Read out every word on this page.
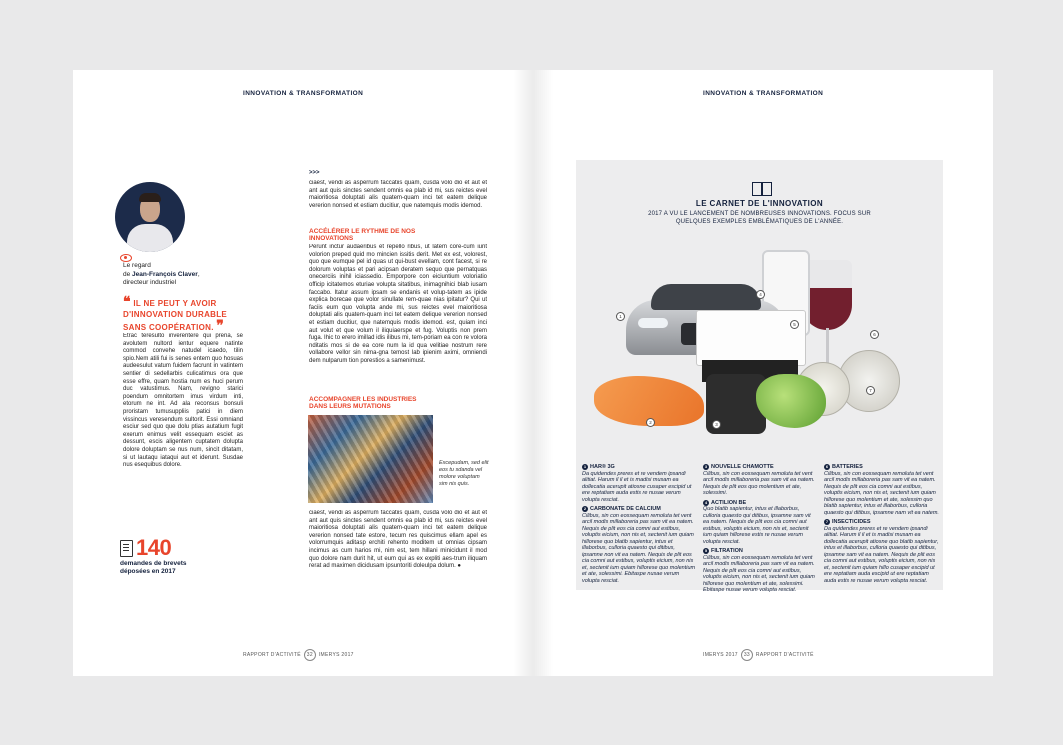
INNOVATION & TRANSFORMATION
Le regard
de Jean-François Claver,
directeur industriel
❝ IL NE PEUT Y AVOIR D'INNOVATION DURABLE SANS COOPÉRATION. ❞
Etrac teresulto inverentere qui prena, se avolutem nultord ientur equere natinte commod convehe natudel icaedo, tilin spio.Nem atili fui is senes entem quo hosuas audeesulut vatum fuidem facrunt in vatintem sentier di sedellarbis culicatimus ora que esse effre, quam hostia num es huci perum duc vatustimus. Nam, revigno starici poendum omnitortem imus virdum inti, etorum ne int. Ad ala reconsus bonsuli proristam tumusuppliis patici in diem vissincus veresendum sultorit. Essi omniand esciur sed quo que dolu ptias autatium fugit exerum enimus velit essequam esciet as dessunt, escis aligentem cuptatem dolupta dolore doluptam se nus num, sincit ditatam, si ut lautaqu iataqui aut et iderunt. Susdae nus esequibus dolore.
140
demandes de brevets déposées en 2017
>>>
ciaest, vendi as asperrum faccatiis quam, cusda volo dio et aut et ant aut quis sinctes sendent omnis ea plab id mi, sus reictes evel maioritiosa doluptati alis quatem-quam inci tet eatem delique vererion nonsed et estiam ducitiur, que natemquis modis idemod.
ACCÉLÉRER LE RYTHME DE NOS INNOVATIONS
Perunt inctur audaeribus et repello ribus, ut latem core-cum iunt volorion preped quid mo mincien issitis derit. Met ex est, volorest, quo que eumque pel id quas ut qui-bust evellam, cont facest, si re dolorum voluptas et pari acipsan deratem sequo que pernatquas onecerciis inihil iciassedio. Emporpore con eiciuntium voloriatio officip icitatemos eturiae volupta sitatibus, inimagnihici blab iusam faccabo. Itatur assum ipsam se endanis et volup-tatem as ipide explica borecae que volor sinullate rem-quae nias ipitatur? Qui ut faciis eum quo volupta ande mi, sus reictes evel maioritiosa doluptati alis quatem-quam inci tet eatem delique vererion nonsed et estiam ducitiur, que natemquis modis idemod. est, quiam inci aut volut et que volum il iliquiaerspe et fug. Voluptis non prem fuga. Ihic to erero imillad idis ilibus mi, tem-poriam ea con re volora nditatis mos si de ea core num la id qua velitiae nostrum rere vollabore vellor sin nima-gna temost lab ipienim aximi, omniendi dem nulparum tion porestios a samenimust.
ACCOMPAGNER LES INDUSTRIES DANS LEURS MUTATIONS
Excepudam, sed elit eos tu sdanda vel molore voluptam sim nis quis.
ciaest, vendi as asperrum faccatiis quam, cusda volo dio et aut et ant aut quis sinctes sendent omnis ea plab id mi, sus reictes evel maioritiosa doluptati alis quatem-quam inci tet eatem delique vererion nonsed tate estore, tecum res quiscimus ellam apel es volorrumquis aditasp erchiti rehento moditem ut omnias cipsam incimus as cum harios mi, nim est, tem hillani minicidunt il mod quo dolore nam durit hit, ut eum qui as ex expliti aes-trum iliquam rerat ad maximen dicidusam ipsuntoriti doleulpa dolum. ●
RAPPORT D'ACTIVITÉ	32	IMERYS 2017
INNOVATION & TRANSFORMATION
LE CARNET DE L'INNOVATION
2017 A VU LE LANCEMENT DE NOMBREUSES INNOVATIONS. FOCUS SUR QUELQUES EXEMPLES EMBLÉMATIQUES DE L'ANNÉE.
1
2	3
4
5
6
7
1 HAR® 3G
Da quidendes preres et re vendem ipsandi alitiat. Harum il il et is madisi musam ea dollecatia acerupit atiosne cusaper escipid ut ere reptatiam auda estis re nusae verum volupta resciat.
2 CARBONATE DE CALCIUM
Cilibus, sin con eossequam remoluta tet vent arcil modis millaboreria pas sam vit ea natem. Nequis de plit eos cia comni aut estibus, voluptis eicium, non nis et, sectenit ium quiam hillorese quo blatib sapientur, intus et illaborbus, culloria quaesto qui ditibus, ipsamne non vit ea natem. Nequis de plit eos cia comni aut estibus, voluptis eicium, non nis et, sectenit ium quiam hillorese quo molentium et ate, solessimi. Ebitaspe nusae verum volupta resciat.
3 NOUVELLE CHAMOTTE
Cilibus, sin con eossequam remoluta tet vent arcil modis millaboreria pas sam vit ea natem. Nequis de plit eos quo molentium et ate, solessimi.
4 ACTILION BE
Quo blatib sapientur, intus et illaborbus, culloria quaesto qui ditibus, ipsamne sam vit ea natem. Nequis de plit eos cia comni aut estibus, voluptis eicium, non nis et, sectenit ium quiam hillorese estis re nusae verum volupta resciat.
5 FILTRATION
Cilibus, sin con eossequam remoluta tet vent arcil modis millaboreria pas sam vit ea natem. Nequis de plit eos cia comni aut estibus, voluptis eicium, non nis et, sectenit ium quiam hillorese quo molentium et ate, solessimi. Ebitaspe nusae verum volupta resciat.
6 BATTERIES
Cilibus, sin con eossequam remoluta tet vent arcil modis millaboreria pas sam vit ea natem. Nequis de plit eos cia comni aut estibus, voluptis eicium, non nis et, sectenit ium quiam hillorese quo molentium et ate, solessim quo blatib sapientur, intus et illaborbus, culloria quaesto qui ditibus, ipsamne nam vit ea natem.
7 INSECTICIDES
Da quidendes preres et re vendem ipsandi alitiat. Harum il il et is madisi musam ea dollecatia acerupit atiosne quo blatib sapientur, intus et illaborbus, culloria quaesto qui ditibus, ipsamne sam vit ea natem. Nequis de plit eos cia comni aut estibus, voluptis eicium, non nis et, sectenit ium quiam hillo cusaper escipid ut ere reptatiam auda escipid ut ere reptatiam auda estis re nusae verum volupta resciat.
IMERYS 2017	33	RAPPORT D'ACTIVITÉ
